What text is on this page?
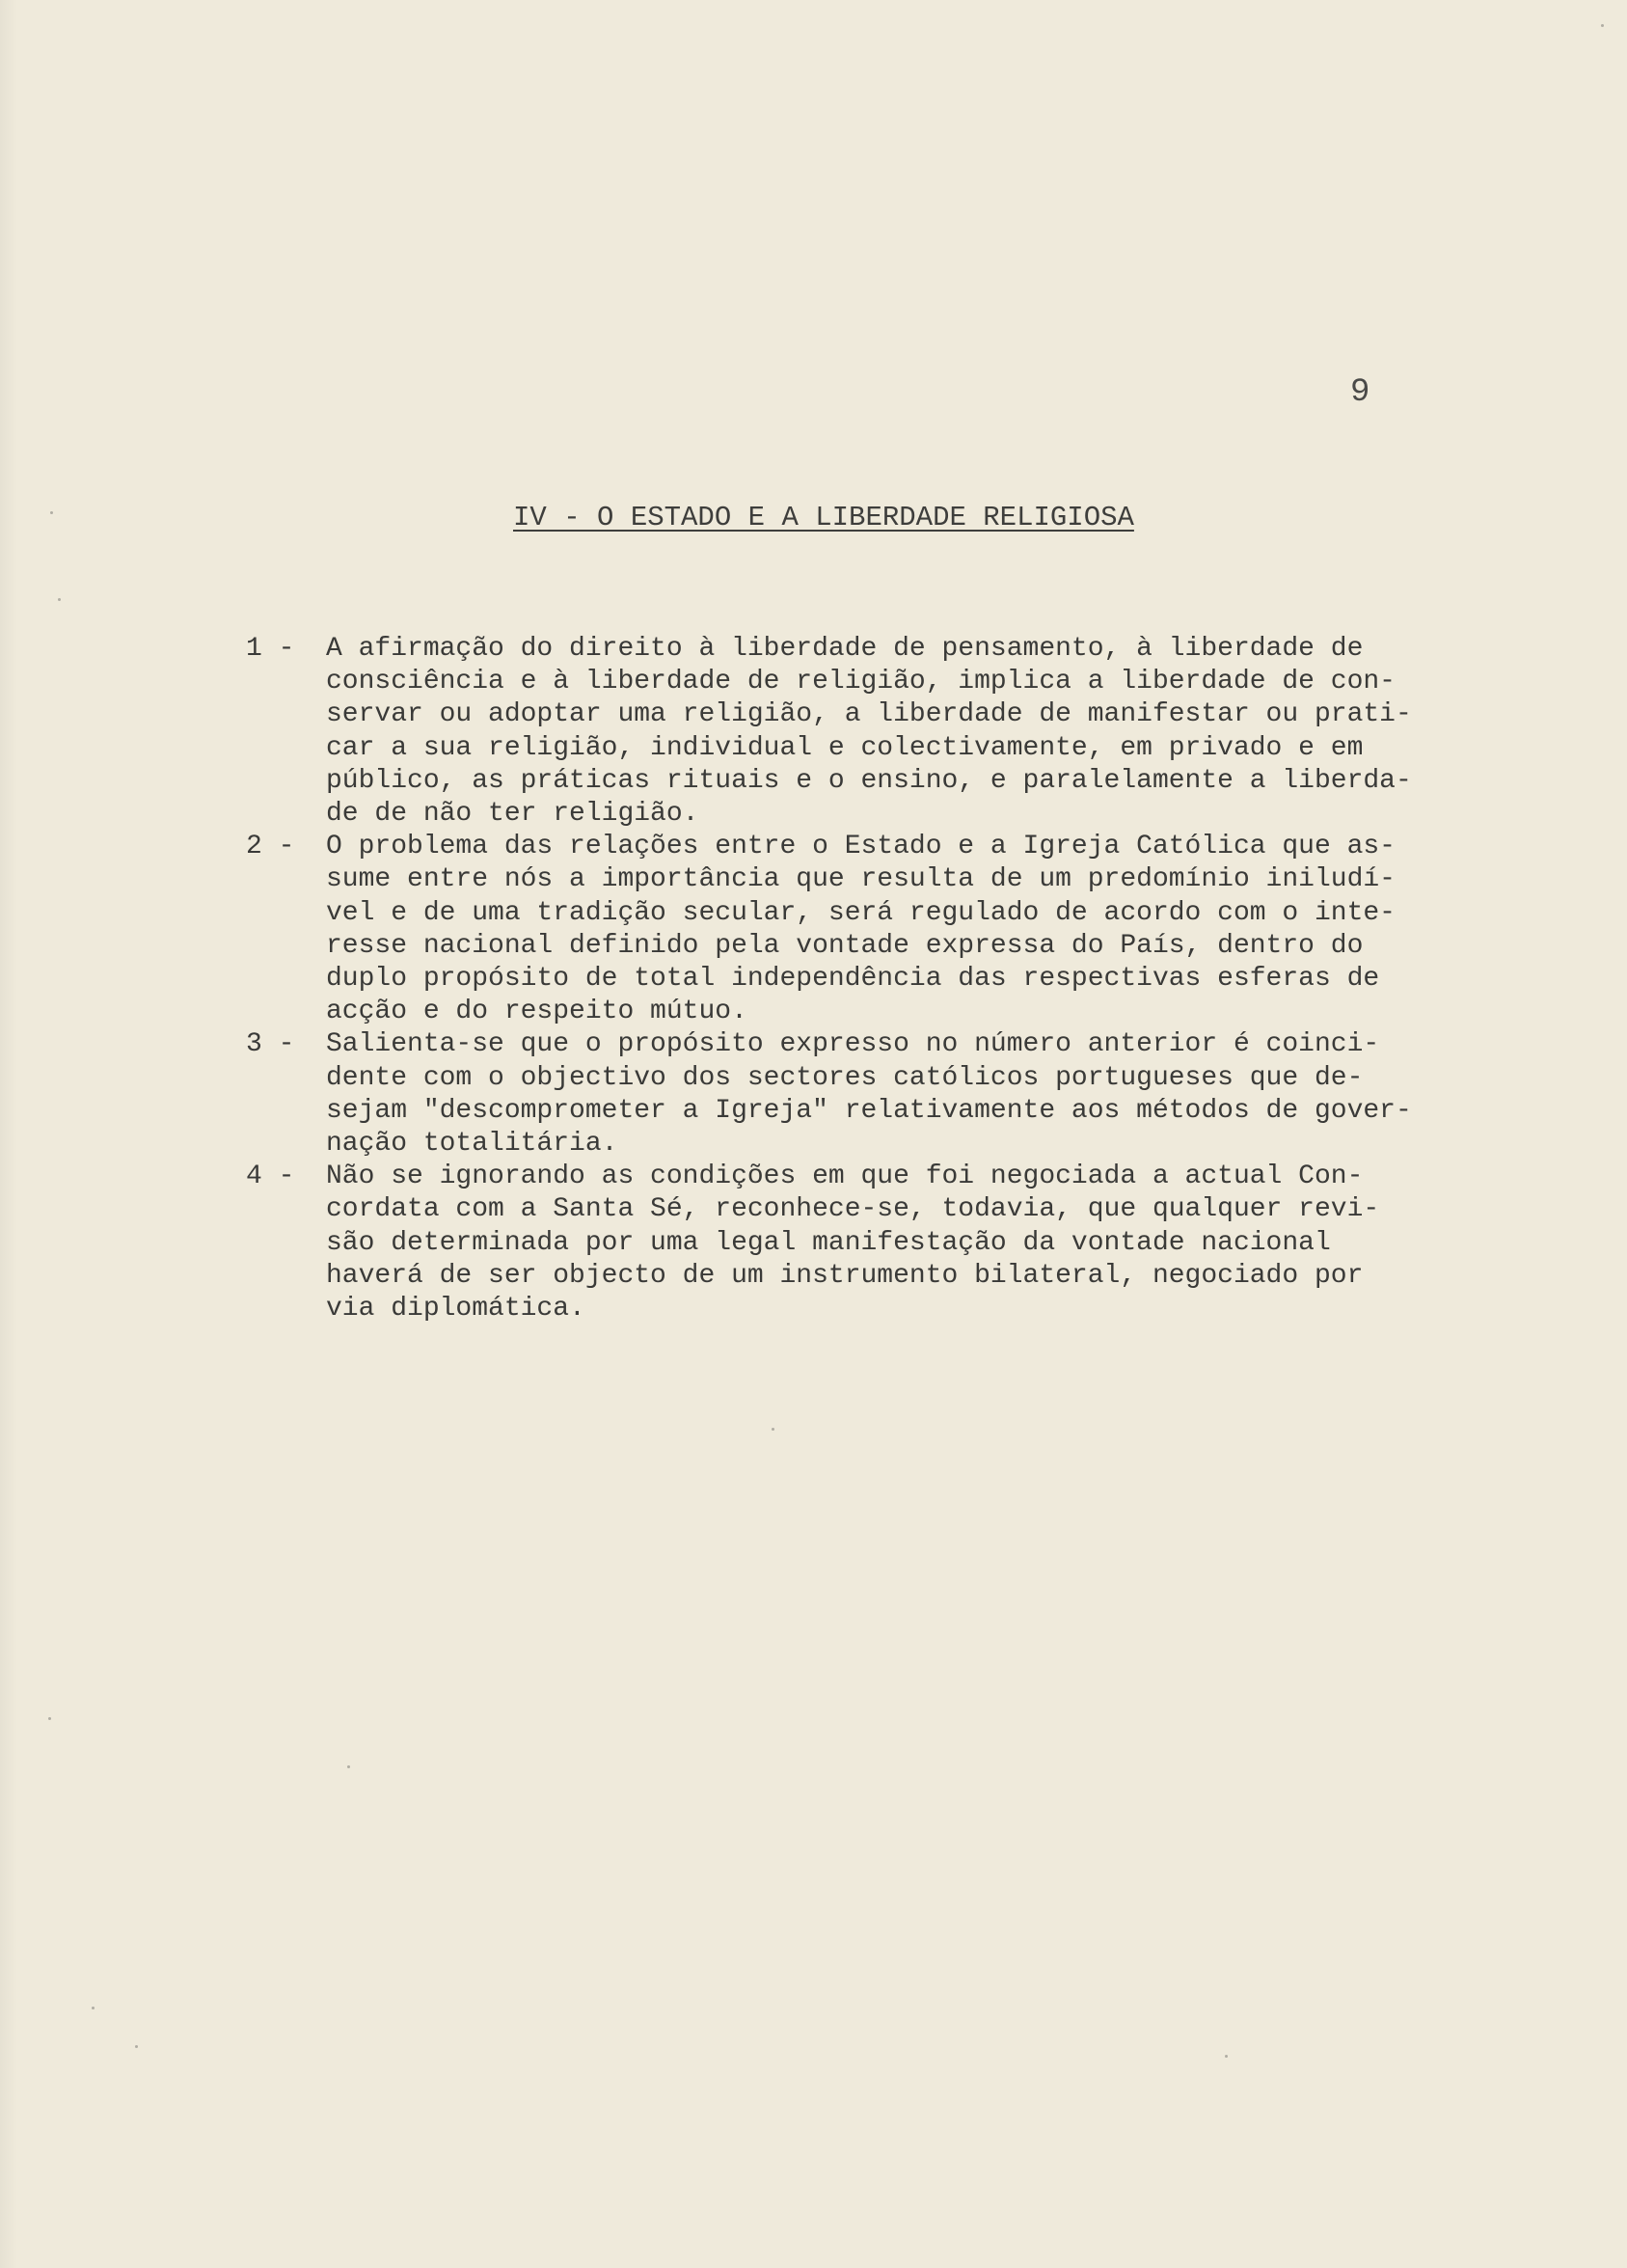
9
IV - O ESTADO E A LIBERDADE RELIGIOSA
1 -	A afirmação do direito à liberdade de pensamento, à liberdade de
consciência e à liberdade de religião, implica a liberdade de con-
servar ou adoptar uma religião, a liberdade de manifestar ou prati-
car a sua religião, individual e colectivamente, em privado e em
público, as práticas rituais e o ensino, e paralelamente a liberda-
de de não ter religião.
2 -	O problema das relações entre o Estado e a Igreja Católica que as-
sume entre nós a importância que resulta de um predomínio iniludí-
vel e de uma tradição secular, será regulado de acordo com o inte-
resse nacional definido pela vontade expressa do País, dentro do
duplo propósito de total independência das respectivas esferas de
acção e do respeito mútuo.
3 -	Salienta-se que o propósito expresso no número anterior é coinci-
dente com o objectivo dos sectores católicos portugueses que de-
sejam "descomprometer a Igreja" relativamente aos métodos de gover-
nação totalitária.
4 -	Não se ignorando as condições em que foi negociada a actual Con-
cordata com a Santa Sé, reconhece-se, todavia, que qualquer revi-
são determinada por uma legal manifestação da vontade nacional
haverá de ser objecto de um instrumento bilateral, negociado por
via diplomática.
